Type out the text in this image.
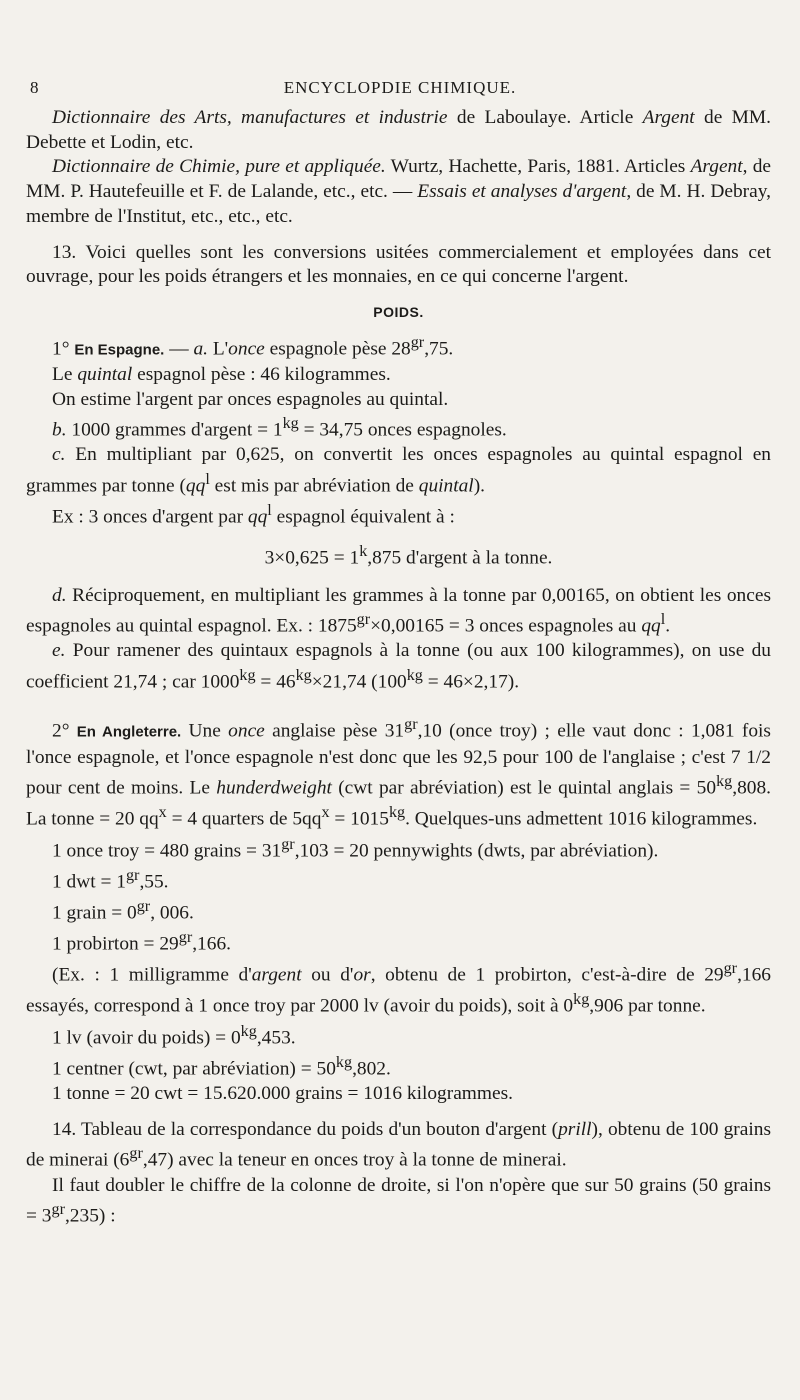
8	ENCYCLOPDIE CHIMIQUE.

Dictionnaire des Arts, manufactures et industrie de Laboulaye. Article Argent de MM. Debette et Lodin, etc.

Dictionnaire de Chimie, pure et appliquée. Wurtz, Hachette, Paris, 1881. Articles Argent, de MM. P. Hautefeuille et F. de Lalande, etc., etc. — Essais et analyses d'argent, de M. H. Debray, membre de l'Institut, etc., etc., etc.

13. Voici quelles sont les conversions usitées commercialement et employées dans cet ouvrage, pour les poids étrangers et les monnaies, en ce qui concerne l'argent.

POIDS.

1° En Espagne. — a. L'once espagnole pèse $28^{gr},75$.

Le quintal espagnol pèse : 46 kilogrammes.

On estime l'argent par onces espagnoles au quintal.

b. 1000 grammes d'argent = $1^{kg} = 34,75$ onces espagnoles.

c. En multipliant par 0,625, on convertit les onces espagnoles au quintal espagnol en grammes par tonne ($qq^l$ est mis par abréviation de quintal).

Ex : 3 onces d'argent par $qq^l$ espagnol équivalent à :

$3\times 0,625 = 1^k,875$ d'argent à la tonne.

d. Réciproquement, en multipliant les grammes à la tonne par 0,00165, on obtient les onces espagnoles au quintal espagnol. Ex. : $1875^{gr}\times 0,00165 = 3$ onces espagnoles au $qq^l$.

e. Pour ramener des quintaux espagnols à la tonne (ou aux 100 kilogrammes), on use du coefficient 21,74 ; car $1000^{kg} = 46^{kg}\times 21,74$ $(100^{kg} = 46\times 2,17)$.

2° En Angleterre. Une once anglaise pèse $31^{gr},10$ (once troy) ; elle vaut donc : 1,081 fois l'once espagnole, et l'once espagnole n'est donc que les 92,5 pour 100 de l'anglaise ; c'est 7 1/2 pour cent de moins. Le hunderdweight (cwt par abréviation) est le quintal anglais = $50^{kg},808$. La tonne = 20 $qq^x = 4$ quarters de $5qq^x = 1015^{kg}$. Quelques-uns admettent 1016 kilogrammes.

1 once troy = 480 grains = $31^{gr},103 = 20$ pennywights (dwts, par abréviation).

1 dwt = $1^{gr},55$.

1 grain = $0^{gr}$, 006.

1 probirton = $29^{gr},166$.

(Ex. : 1 milligramme d'argent ou d'or, obtenu de 1 probirton, c'est-à-dire de $29^{gr},166$ essayés, correspond à 1 once troy par 2000 lv (avoir du poids), soit à $0^{kg},906$ par tonne.

1 lv (avoir du poids) = $0^{kg},453$.

1 centner (cwt, par abréviation) = $50^{kg},802$.

1 tonne = 20 cwt = 15.620.000 grains = 1016 kilogrammes.

14. Tableau de la correspondance du poids d'un bouton d'argent (prill), obtenu de 100 grains de minerai $(6^{gr},47)$ avec la teneur en onces troy à la tonne de minerai.

Il faut doubler le chiffre de la colonne de droite, si l'on n'opère que sur 50 grains (50 grains = $3^{gr},235$) :
